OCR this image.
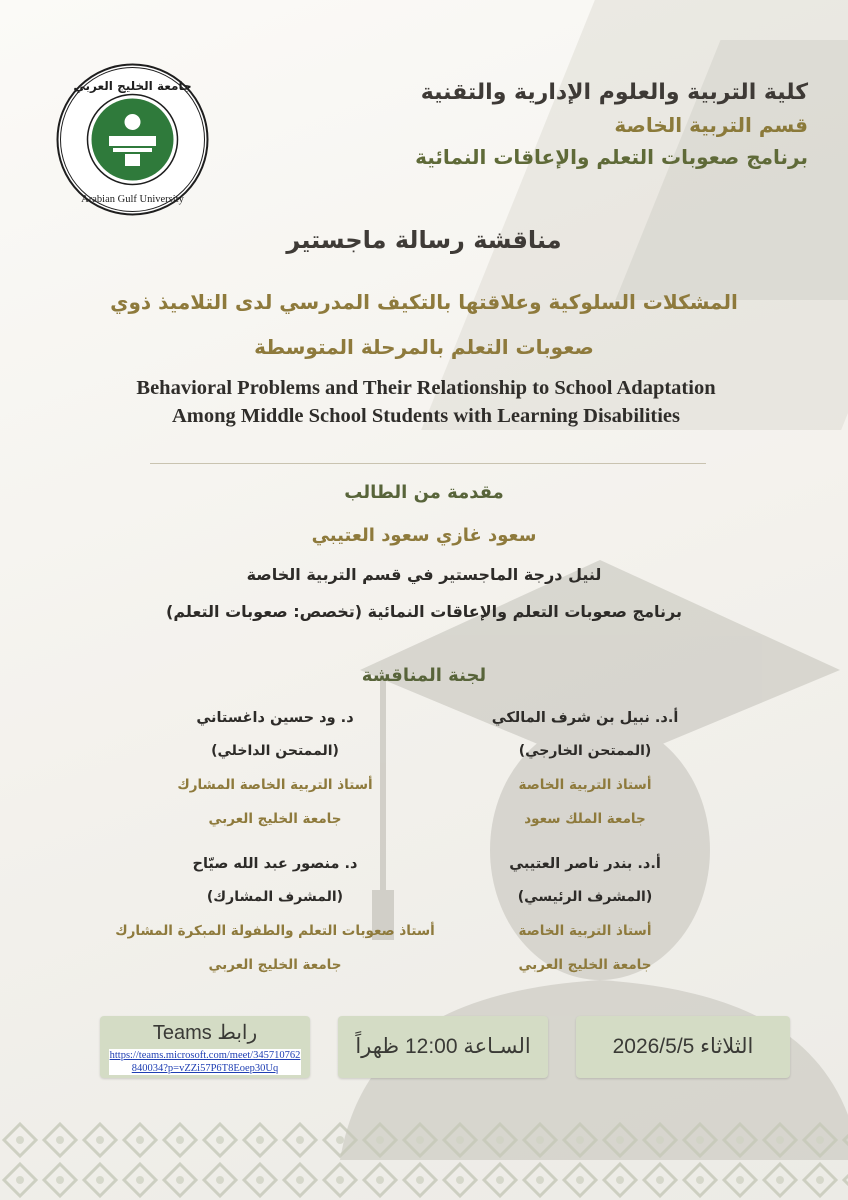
جامعة الخليج العربي
Arabian Gulf University
كلية التربية والعلوم الإدارية والتقنية
قسم التربية الخاصة
برنامج صعوبات التعلم والإعاقات النمائية
مناقشة رسالة ماجستير
المشكلات السلوكية وعلاقتها بالتكيف المدرسي لدى التلاميذ ذوي
صعوبات التعلم بالمرحلة المتوسطة
Behavioral Problems and Their Relationship to School Adaptation Among Middle School Students with Learning Disabilities
مقدمة من الطالب
سعود غازي سعود العتيبي
لنيل درجة الماجستير في قسم التربية الخاصة
برنامج صعوبات التعلم والإعاقات النمائية (تخصص: صعوبات التعلم)
لجنة المناقشة
أ.د. نبيل بن شرف المالكي
(الممتحن الخارجي)
أستاذ التربية الخاصة
جامعة الملك سعود
د. ود حسين داغستاني
(الممتحن الداخلي)
أستاذ التربية الخاصة المشارك
جامعة الخليج العربي
أ.د. بندر ناصر العتيبي
(المشرف الرئيسي)
أستاذ التربية الخاصة
جامعة الخليج العربي
د. منصور عبد الله صيّاح
(المشرف المشارك)
أستاذ صعوبات التعلم والطفولة المبكرة المشارك
جامعة الخليج العربي
الثلاثاء 2026/5/5
السـاعة 12:00 ظهراً
رابط Teams
https://teams.microsoft.com/meet/345710762840034?p=vZZi57P6T8Eoep30Uq
